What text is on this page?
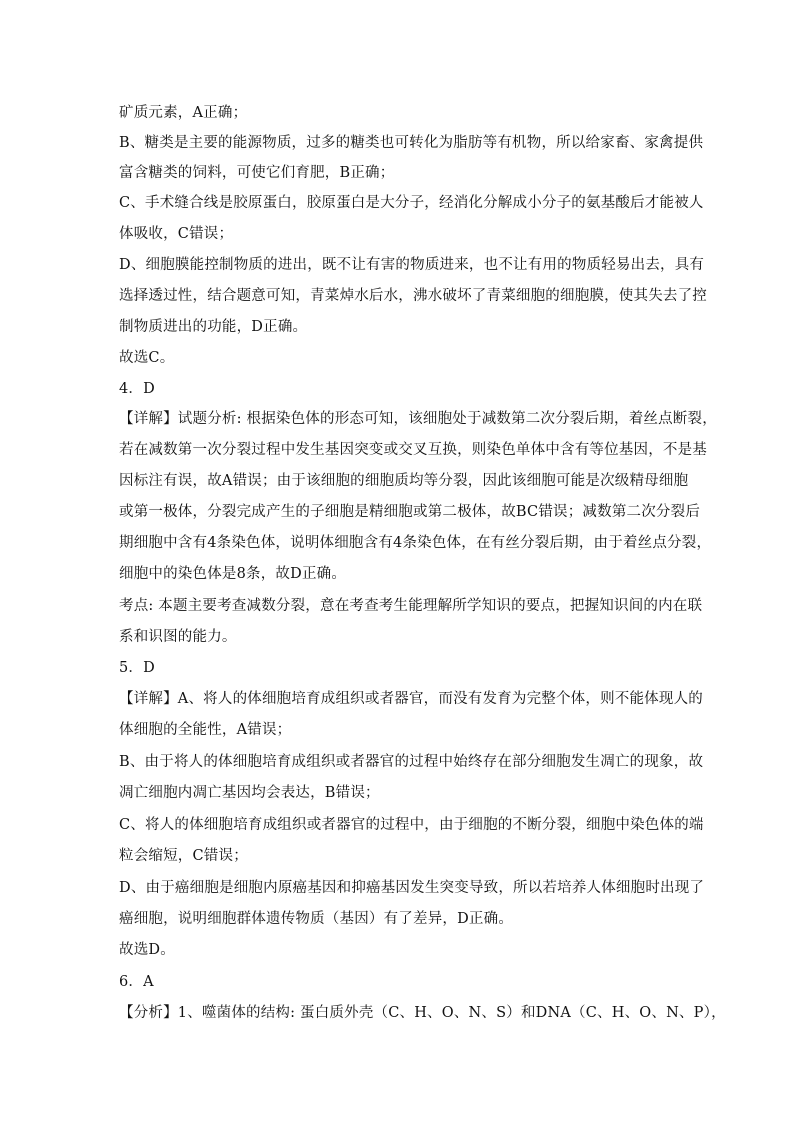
矿质元素，A正确；
B、糖类是主要的能源物质，过多的糖类也可转化为脂肪等有机物，所以给家畜、家禽提供
富含糖类的饲料，可使它们育肥，B正确；
C、手术缝合线是胶原蛋白，胶原蛋白是大分子，经消化分解成小分子的氨基酸后才能被人
体吸收，C错误；
D、细胞膜能控制物质的进出，既不让有害的物质进来，也不让有用的物质轻易出去，具有
选择透过性，结合题意可知，青菜焯水后水，沸水破坏了青菜细胞的细胞膜，使其失去了控
制物质进出的功能，D正确。
故选C。
4．D
【详解】试题分析: 根据染色体的形态可知，该细胞处于减数第二次分裂后期，着丝点断裂，
若在减数第一次分裂过程中发生基因突变或交叉互换，则染色单体中含有等位基因，不是基
因标注有误，故A错误；由于该细胞的细胞质均等分裂，因此该细胞可能是次级精母细胞
或第一极体，分裂完成产生的子细胞是精细胞或第二极体，故BC错误；减数第二次分裂后
期细胞中含有4条染色体，说明体细胞含有4条染色体，在有丝分裂后期，由于着丝点分裂，
细胞中的染色体是8条，故D正确。
考点: 本题主要考查减数分裂，意在考查考生能理解所学知识的要点，把握知识间的内在联
系和识图的能力。
5．D
【详解】A、将人的体细胞培育成组织或者器官，而没有发育为完整个体，则不能体现人的
体细胞的全能性，A错误；
B、由于将人的体细胞培育成组织或者器官的过程中始终存在部分细胞发生凋亡的现象，故
凋亡细胞内凋亡基因均会表达，B错误；
C、将人的体细胞培育成组织或者器官的过程中，由于细胞的不断分裂，细胞中染色体的端
粒会缩短，C错误；
D、由于癌细胞是细胞内原癌基因和抑癌基因发生突变导致，所以若培养人体细胞时出现了
癌细胞，说明细胞群体遗传物质（基因）有了差异，D正确。
故选D。
6．A
【分析】1、噬菌体的结构: 蛋白质外壳（C、H、O、N、S）和DNA（C、H、O、N、P），
